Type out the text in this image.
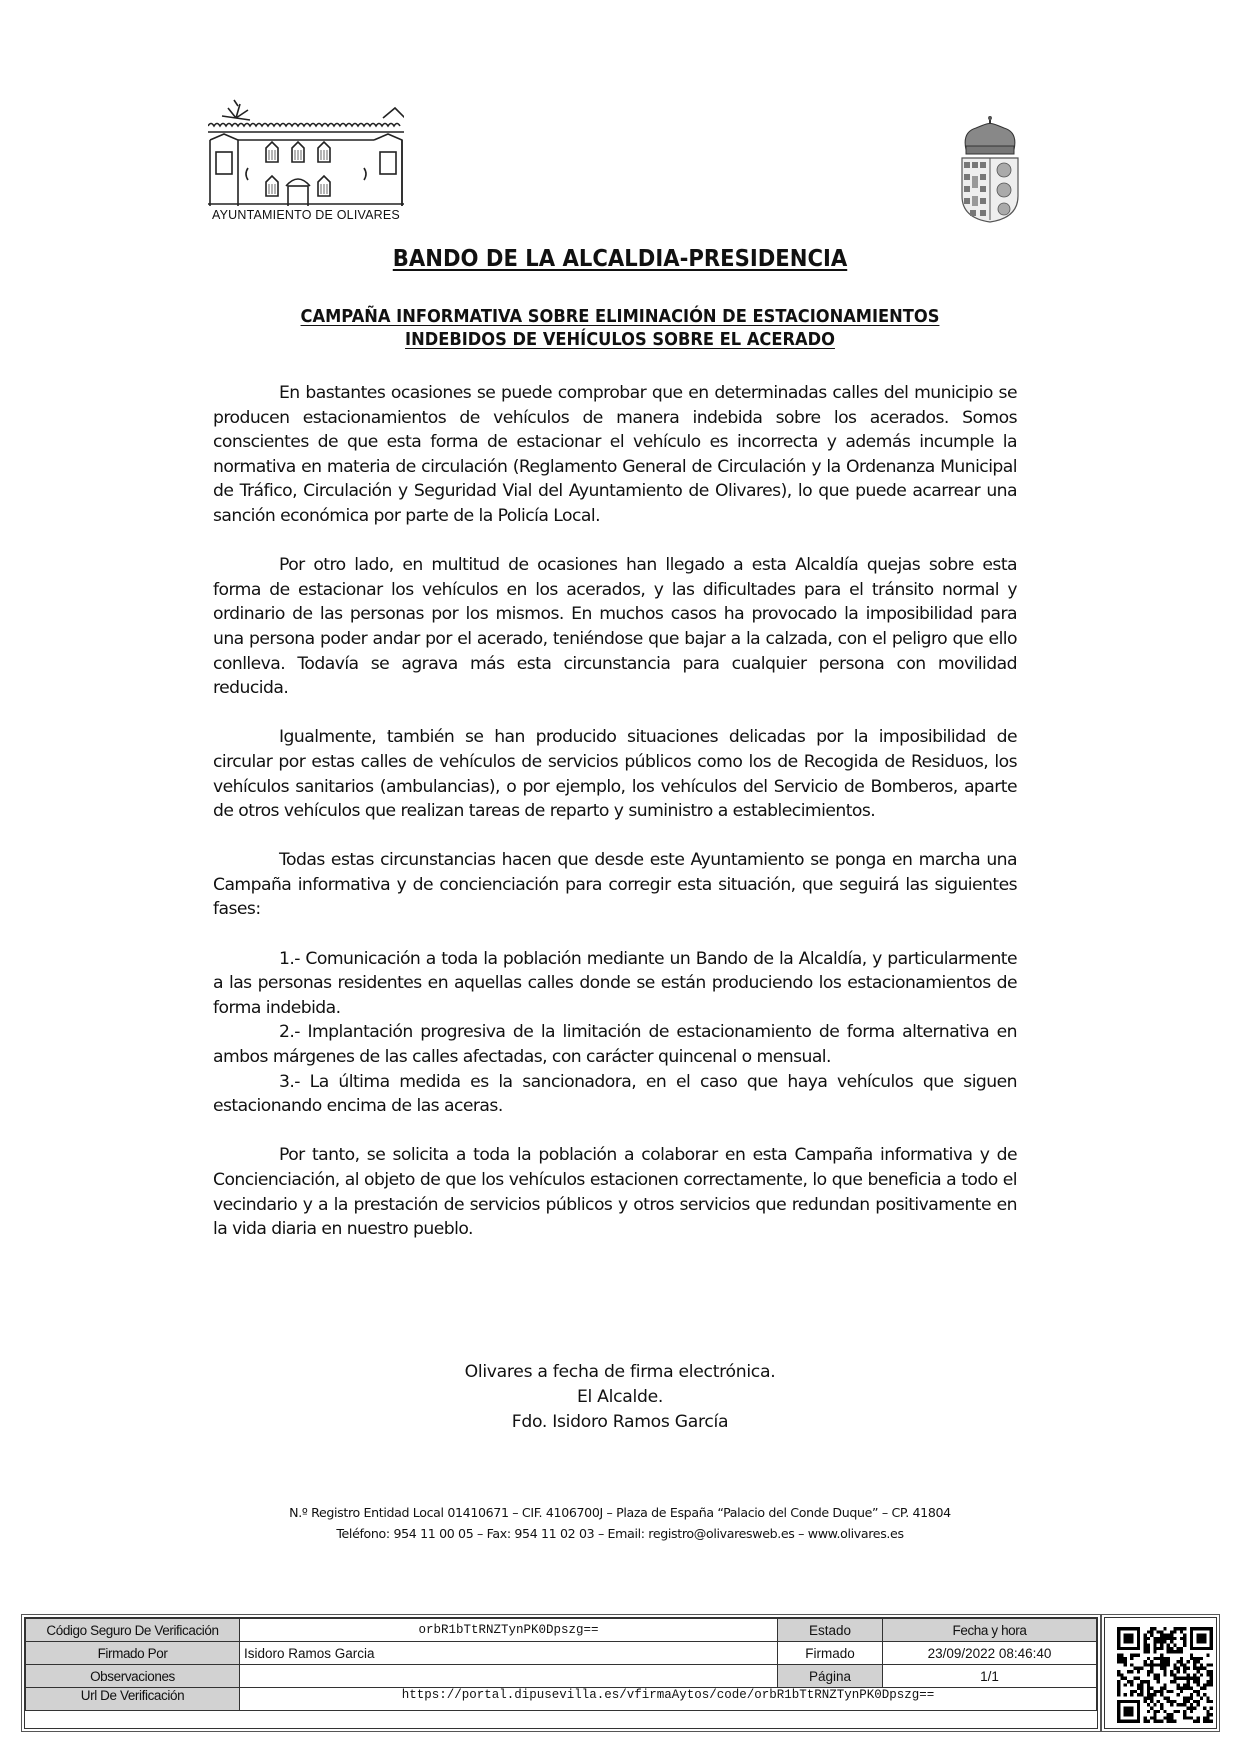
AYUNTAMIENTO DE OLIVARES
BANDO DE LA ALCALDIA-PRESIDENCIA
CAMPAÑA INFORMATIVA SOBRE ELIMINACIÓN DE ESTACIONAMIENTOS
INDEBIDOS DE VEHÍCULOS SOBRE EL ACERADO

En bastantes ocasiones se puede comprobar que en determinadas calles del municipio se producen estacionamientos de vehículos de manera indebida sobre los acerados. Somos conscientes de que esta forma de estacionar el vehículo es incorrecta y además incumple la normativa en materia de circulación (Reglamento General de Circulación y la Ordenanza Municipal de Tráfico, Circulación y Seguridad Vial del Ayuntamiento de Olivares), lo que puede acarrear una sanción económica por parte de la Policía Local.

Por otro lado, en multitud de ocasiones han llegado a esta Alcaldía quejas sobre esta forma de estacionar los vehículos en los acerados, y las dificultades para el tránsito normal y ordinario de las personas por los mismos. En muchos casos ha provocado la imposibilidad para una persona poder andar por el acerado, teniéndose que bajar a la calzada, con el peligro que ello conlleva. Todavía se agrava más esta circunstancia para cualquier persona con movilidad reducida.

Igualmente, también se han producido situaciones delicadas por la imposibilidad de circular por estas calles de vehículos de servicios públicos como los de Recogida de Residuos, los vehículos sanitarios (ambulancias), o por ejemplo, los vehículos del Servicio de Bomberos, aparte de otros vehículos que realizan tareas de reparto y suministro a establecimientos.

Todas estas circunstancias hacen que desde este Ayuntamiento se ponga en marcha una Campaña informativa y de concienciación para corregir esta situación, que seguirá las siguientes fases:

1.- Comunicación a toda la población mediante un Bando de la Alcaldía, y particularmente a las personas residentes en aquellas calles donde se están produciendo los estacionamientos de forma indebida.

2.- Implantación progresiva de la limitación de estacionamiento de forma alternativa en ambos márgenes de las calles afectadas, con carácter quincenal o mensual.

3.- La última medida es la sancionadora, en el caso que haya vehículos que siguen estacionando encima de las aceras.

Por tanto, se solicita a toda la población a colaborar en esta Campaña informativa y de Concienciación, al objeto de que los vehículos estacionen correctamente, lo que beneficia a todo el vecindario y a la prestación de servicios públicos y otros servicios que redundan positivamente en la vida diaria en nuestro pueblo.

Olivares a fecha de firma electrónica.
El Alcalde.
Fdo. Isidoro Ramos García
N.º Registro Entidad Local 01410671 – CIF. 4106700J – Plaza de España “Palacio del Conde Duque” – CP. 41804
Teléfono: 954 11 00 05 – Fax: 954 11 02 03 – Email: registro@olivaresweb.es – www.olivares.es
Código Seguro De Verificación	orbR1bTtRNZTynPK0Dpszg==	Estado	Fecha y hora
Firmado Por	Isidoro Ramos Garcia	Firmado	23/09/2022 08:46:40
Observaciones		Página	1/1
Url De Verificación	https://portal.dipusevilla.es/vfirmaAytos/code/orbR1bTtRNZTynPK0Dpszg==		
